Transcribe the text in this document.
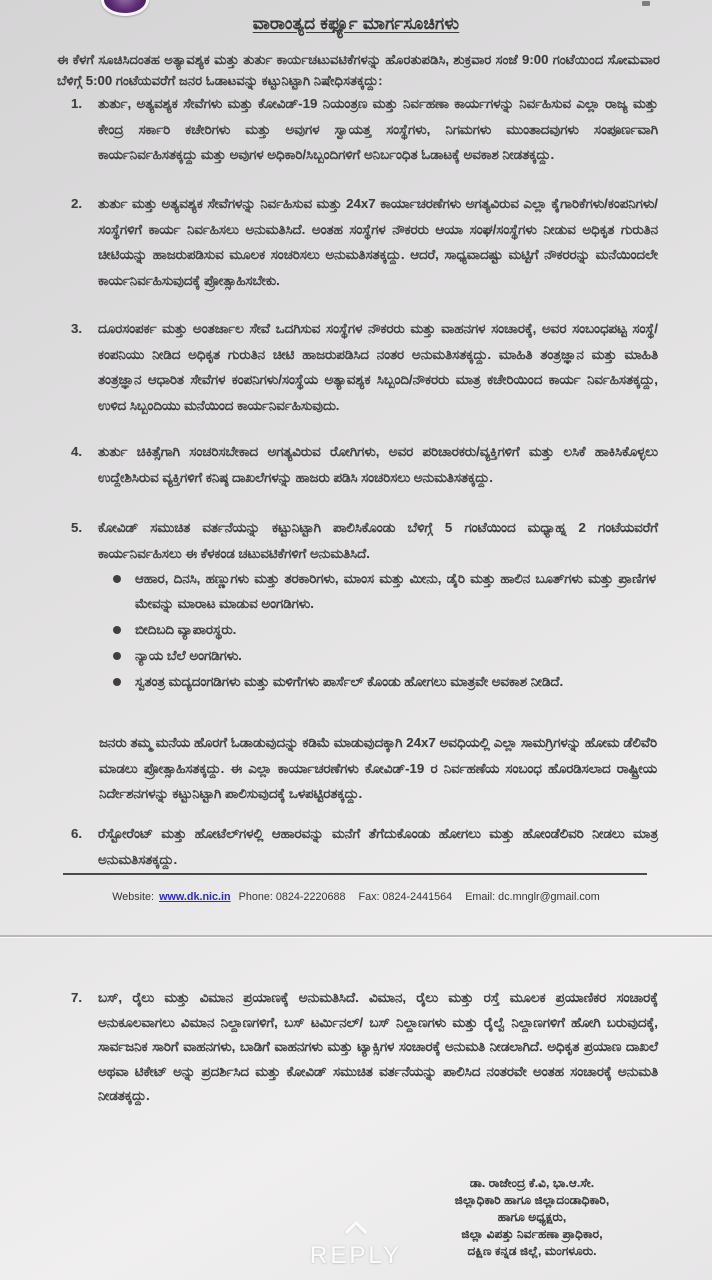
ವಾರಾಂತ್ಯದ ಕರ್ಫ್ಯೂ ಮಾರ್ಗಸೂಚಿಗಳು

ಈ ಕೆಳಗೆ ಸೂಚಿಸಿದಂತಹ ಅತ್ಯಾವಶ್ಯಕ ಮತ್ತು ತುರ್ತು ಕಾರ್ಯಚಟುವಟಿಕೆಗಳನ್ನು ಹೊರತುಪಡಿಸಿ, ಶುಕ್ರವಾರ ಸಂಜೆ 9:00 ಗಂಟೆಯಿಂದ ಸೋಮವಾರ ಬೆಳಿಗ್ಗೆ 5:00 ಗಂಟೆಯವರೆಗೆ ಜನರ ಓಡಾಟವನ್ನು ಕಟ್ಟುನಿಟ್ಟಾಗಿ ನಿಷೇಧಿಸತಕ್ಕದ್ದು:

1.	ತುರ್ತು, ಅತ್ಯವಶ್ಯಕ ಸೇವೆಗಳು ಮತ್ತು ಕೋವಿಡ್-19 ನಿಯಂತ್ರಣ ಮತ್ತು ನಿರ್ವಹಣಾ ಕಾರ್ಯಗಳನ್ನು ನಿರ್ವಹಿಸುವ ಎಲ್ಲಾ ರಾಜ್ಯ ಮತ್ತು ಕೇಂದ್ರ ಸರ್ಕಾರಿ ಕಚೇರಿಗಳು ಮತ್ತು ಅವುಗಳ ಸ್ವಾಯತ್ತ ಸಂಸ್ಥೆಗಳು, ನಿಗಮಗಳು ಮುಂತಾದವುಗಳು ಸಂಪೂರ್ಣವಾಗಿ ಕಾರ್ಯನಿರ್ವಹಿಸತಕ್ಕದ್ದು ಮತ್ತು ಅವುಗಳ ಅಧಿಕಾರಿ/ಸಿಬ್ಬಂದಿಗಳಿಗೆ ಅನಿರ್ಬಂಧಿತ ಓಡಾಟಕ್ಕೆ ಅವಕಾಶ ನೀಡತಕ್ಕದ್ದು.

2.	ತುರ್ತು ಮತ್ತು ಅತ್ಯವಶ್ಯಕ ಸೇವೆಗಳನ್ನು ನಿರ್ವಹಿಸುವ ಮತ್ತು 24x7 ಕಾರ್ಯಾಚರಣೆಗಳು ಅಗತ್ಯವಿರುವ ಎಲ್ಲಾ ಕೈಗಾರಿಕೆಗಳು/ಕಂಪನಿಗಳು/ಸಂಸ್ಥೆಗಳಿಗೆ ಕಾರ್ಯ ನಿರ್ವಹಿಸಲು ಅನುಮತಿಸಿದೆ. ಅಂತಹ ಸಂಸ್ಥೆಗಳ ನೌಕರರು ಆಯಾ ಸಂಘ/ಸಂಸ್ಥೆಗಳು ನೀಡುವ ಅಧಿಕೃತ ಗುರುತಿನ ಚೀಟಿಯನ್ನು ಹಾಜರುಪಡಿಸುವ ಮೂಲಕ ಸಂಚರಿಸಲು ಅನುಮತಿಸತಕ್ಕದ್ದು. ಆದರೆ, ಸಾಧ್ಯವಾದಷ್ಟು ಮಟ್ಟಿಗೆ ನೌಕರರನ್ನು ಮನೆಯಿಂದಲೇ ಕಾರ್ಯನಿರ್ವಹಿಸುವುದಕ್ಕೆ ಪ್ರೋತ್ಸಾಹಿಸಬೇಕು.

3.	ದೂರಸಂಪರ್ಕ ಮತ್ತು ಅಂತರ್ಜಾಲ ಸೇವೆ ಒದಗಿಸುವ ಸಂಸ್ಥೆಗಳ ನೌಕರರು ಮತ್ತು ವಾಹನಗಳ ಸಂಚಾರಕ್ಕೆ, ಅವರ ಸಂಬಂಧಪಟ್ಟ ಸಂಸ್ಥೆ/ ಕಂಪನಿಯು ನೀಡಿದ ಅಧಿಕೃತ ಗುರುತಿನ ಚೀಟಿ ಹಾಜರುಪಡಿಸಿದ ನಂತರ ಅನುಮತಿಸತಕ್ಕದ್ದು. ಮಾಹಿತಿ ತಂತ್ರಜ್ಞಾನ ಮತ್ತು ಮಾಹಿತಿ ತಂತ್ರಜ್ಞಾನ ಆಧಾರಿತ ಸೇವೆಗಳ ಕಂಪನಿಗಳು/ಸಂಸ್ಥೆಯ ಅತ್ಯಾವಶ್ಯಕ ಸಿಬ್ಬಂದಿ/ನೌಕರರು ಮಾತ್ರ ಕಚೇರಿಯಿಂದ ಕಾರ್ಯ ನಿರ್ವಹಿಸತಕ್ಕದ್ದು, ಉಳಿದ ಸಿಬ್ಬಂದಿಯು ಮನೆಯಿಂದ ಕಾರ್ಯನಿರ್ವಹಿಸುವುದು.

4.	ತುರ್ತು ಚಿಕಿತ್ಸೆಗಾಗಿ ಸಂಚರಿಸಬೇಕಾದ ಅಗತ್ಯವಿರುವ ರೋಗಿಗಳು, ಅವರ ಪರಿಚಾರಕರು/ವ್ಯಕ್ತಿಗಳಿಗೆ ಮತ್ತು ಲಸಿಕೆ ಹಾಕಿಸಿಕೊಳ್ಳಲು ಉದ್ದೇಶಿಸಿರುವ ವ್ಯಕ್ತಿಗಳಿಗೆ ಕನಿಷ್ಠ ದಾಖಲೆಗಳನ್ನು ಹಾಜರು ಪಡಿಸಿ ಸಂಚರಿಸಲು ಅನುಮತಿಸತಕ್ಕದ್ದು.

5.	ಕೋವಿಡ್ ಸಮುಚಿತ ವರ್ತನೆಯನ್ನು ಕಟ್ಟುನಿಟ್ಟಾಗಿ ಪಾಲಿಸಿಕೊಂಡು ಬೆಳಿಗ್ಗೆ 5 ಗಂಟೆಯಿಂದ ಮಧ್ಯಾಹ್ನ 2 ಗಂಟೆಯವರೆಗೆ ಕಾರ್ಯನಿರ್ವಹಿಸಲು ಈ ಕೆಳಕಂಡ ಚಟುವಟಿಕೆಗಳಿಗೆ ಅನುಮತಿಸಿದೆ.

ಆಹಾರ, ದಿನಸಿ, ಹಣ್ಣುಗಳು ಮತ್ತು ತರಕಾರಿಗಳು, ಮಾಂಸ ಮತ್ತು ಮೀನು, ಡೈರಿ ಮತ್ತು ಹಾಲಿನ ಬೂತ್‌ಗಳು ಮತ್ತು ಪ್ರಾಣಿಗಳ ಮೇವನ್ನು ಮಾರಾಟ ಮಾಡುವ ಅಂಗಡಿಗಳು.

ಬೀದಿಬದಿ ವ್ಯಾಪಾರಸ್ಥರು.

ನ್ಯಾಯ ಬೆಲೆ ಅಂಗಡಿಗಳು.

ಸ್ವತಂತ್ರ ಮದ್ಯದಂಗಡಿಗಳು ಮತ್ತು ಮಳಿಗೆಗಳು ಪಾರ್ಸೆಲ್ ಕೊಂಡು ಹೋಗಲು ಮಾತ್ರವೇ ಅವಕಾಶ ನೀಡಿದೆ.

ಜನರು ತಮ್ಮ ಮನೆಯ ಹೊರಗೆ ಓಡಾಡುವುದನ್ನು ಕಡಿಮೆ ಮಾಡುವುದಕ್ಕಾಗಿ 24x7 ಅವಧಿಯಲ್ಲಿ ಎಲ್ಲಾ ಸಾಮಗ್ರಿಗಳನ್ನು ಹೋಮ ಡೆಲಿವೆರಿ ಮಾಡಲು ಪ್ರೋತ್ಸಾಹಿಸತಕ್ಕದ್ದು. ಈ ಎಲ್ಲಾ ಕಾರ್ಯಾಚರಣೆಗಳು ಕೋವಿಡ್-19 ರ ನಿರ್ವಹಣೆಯ ಸಂಬಂಧ ಹೊರಡಿಸಲಾದ ರಾಷ್ಟ್ರೀಯ ನಿರ್ದೇಶನಗಳನ್ನು ಕಟ್ಟುನಿಟ್ಟಾಗಿ ಪಾಲಿಸುವುದಕ್ಕೆ ಒಳಪಟ್ಟಿರತಕ್ಕದ್ದು.

6.	ರೆಸ್ಟೋರೆಂಟ್ ಮತ್ತು ಹೋಟೆಲ್‌ಗಳಲ್ಲಿ ಆಹಾರವನ್ನು ಮನೆಗೆ ತೆಗೆದುಕೊಂಡು ಹೋಗಲು ಮತ್ತು ಹೋಂಡೆಲಿವರಿ ನೀಡಲು ಮಾತ್ರ ಅನುಮತಿಸತಕ್ಕದ್ದು.

Website: www.dk.nic.in Phone: 0824-2220688 Fax: 0824-2441564 Email: dc.mnglr@gmail.com

7.	ಬಸ್, ರೈಲು ಮತ್ತು ವಿಮಾನ ಪ್ರಯಾಣಕ್ಕೆ ಅನುಮತಿಸಿದೆ. ವಿಮಾನ, ರೈಲು ಮತ್ತು ರಸ್ತೆ ಮೂಲಕ ಪ್ರಯಾಣಿಕರ ಸಂಚಾರಕ್ಕೆ ಅನುಕೂಲವಾಗಲು ವಿಮಾನ ನಿಲ್ದಾಣಗಳಿಗೆ, ಬಸ್ ಟರ್ಮಿನಲ್/ ಬಸ್ ನಿಲ್ದಾಣಗಳು ಮತ್ತು ರೈಲ್ವೆ ನಿಲ್ದಾಣಗಳಿಗೆ ಹೋಗಿ ಬರುವುದಕ್ಕೆ, ಸಾರ್ವಜನಿಕ ಸಾರಿಗೆ ವಾಹನಗಳು, ಬಾಡಿಗೆ ವಾಹನಗಳು ಮತ್ತು ಟ್ಯಾಕ್ಸಿಗಳ ಸಂಚಾರಕ್ಕೆ ಅನುಮತಿ ನೀಡಲಾಗಿದೆ. ಅಧಿಕೃತ ಪ್ರಯಾಣ ದಾಖಲೆ ಅಥವಾ ಟಿಕೇಟ್ ಅನ್ನು ಪ್ರದರ್ಶಿಸಿದ ಮತ್ತು ಕೋವಿಡ್ ಸಮುಚಿತ ವರ್ತನೆಯನ್ನು ಪಾಲಿಸಿದ ನಂತರವೇ ಅಂತಹ ಸಂಚಾರಕ್ಕೆ ಅನುಮತಿ ನೀಡತಕ್ಕದ್ದು.

ಡಾ. ರಾಜೇಂದ್ರ ಕೆ.ವಿ, ಭಾ.ಆ.ಸೇ.
ಜಿಲ್ಲಾಧಿಕಾರಿ ಹಾಗೂ ಜಿಲ್ಲಾದಂಡಾಧಿಕಾರಿ,
ಹಾಗೂ ಅಧ್ಯಕ್ಷರು,
ಜಿಲ್ಲಾ ವಿಪತ್ತು ನಿರ್ವಹಣಾ ಪ್ರಾಧಿಕಾರ,
ದಕ್ಷಿಣ ಕನ್ನಡ ಜಿಲ್ಲೆ, ಮಂಗಳೂರು.
REPLY
